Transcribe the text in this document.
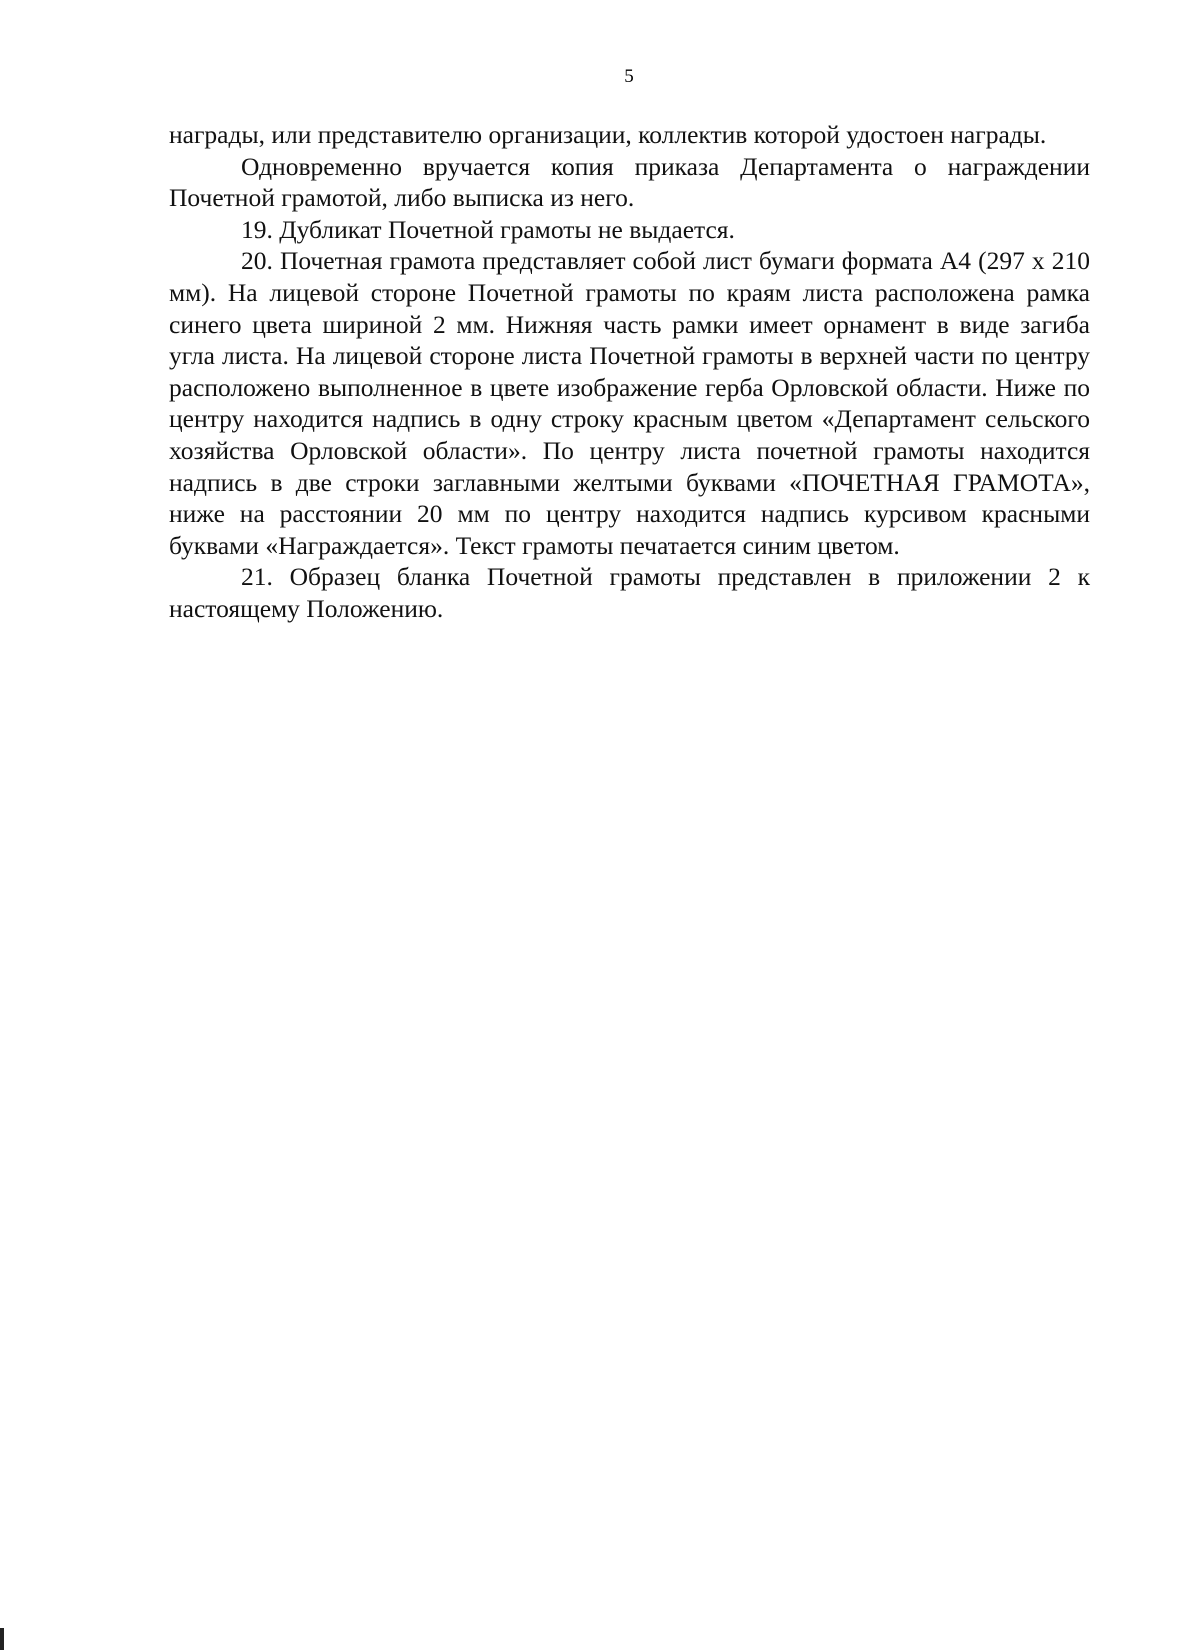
5

награды, или представителю организации, коллектив которой удостоен награды.

Одновременно вручается копия приказа Департамента о награждении Почетной грамотой, либо выписка из него.

19. Дубликат Почетной грамоты не выдается.

20. Почетная грамота представляет собой лист бумаги формата А4 (297 х 210 мм). На лицевой стороне Почетной грамоты по краям листа расположена рамка синего цвета шириной 2 мм. Нижняя часть рамки имеет орнамент в виде загиба угла листа. На лицевой стороне листа Почетной грамоты в верхней части по центру расположено выполненное в цвете изображение герба Орловской области. Ниже по центру находится надпись в одну строку красным цветом «Департамент сельского хозяйства Орловской области». По центру листа почетной грамоты находится надпись в две строки заглавными желтыми буквами «ПОЧЕТНАЯ ГРАМОТА», ниже на расстоянии 20 мм по центру находится надпись курсивом красными буквами «Награждается». Текст грамоты печатается синим цветом.

21. Образец бланка Почетной грамоты представлен в приложении 2 к настоящему Положению.
